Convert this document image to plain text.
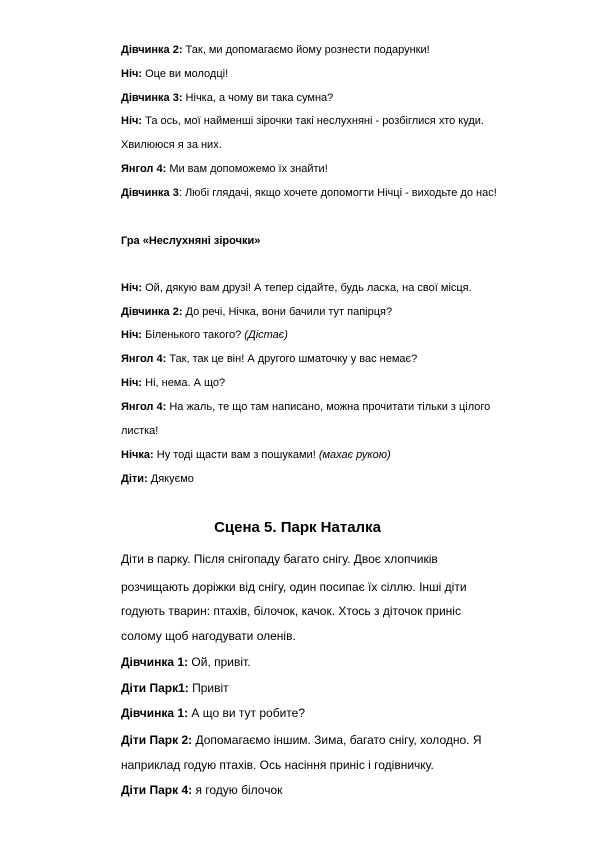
Дівчинка 2: Так, ми допомагаємо йому рознести подарунки!
Ніч: Оце ви молодці!
Дівчинка 3: Нічка, а чому ви така сумна?
Ніч: Та ось, мої найменші зірочки такі неслухняні - розбіглися хто куди.
Хвилююся я за них.
Янгол 4: Ми вам допоможемо їх знайти!
Дівчинка 3: Любі глядачі, якщо хочете допомогти Нічці - виходьте до нас!
Гра «Неслухняні зірочки»
Ніч: Ой, дякую вам друзі! А тепер сідайте, будь ласка, на свої місця.
Дівчинка 2: До речі, Нічка, вони бачили тут папірця?
Ніч: Біленького такого? (Дістає)
Янгол 4: Так, так це він! А другого шматочку у вас немає?
Ніч: Ні, нема. А що?
Янгол 4: На жаль, те що там написано, можна прочитати тільки з цілого
листка!
Нічка: Ну тоді щасти вам з пошуками! (махає рукою)
Діти: Дякуємо
Сцена 5. Парк Наталка
Діти в парку. Після снігопаду багато снігу. Двоє хлопчиків
розчищають доріжки від снігу, один посипає їх сіллю. Інші діти
годують тварин: птахів, білочок, качок. Хтось з діточок приніс
солому щоб нагодувати оленів.
Дівчинка 1: Ой, привіт.
Діти Парк1: Привіт
Дівчинка 1: А що ви тут робите?
Діти Парк 2: Допомагаємо іншим. Зима, багато снігу, холодно. Я
наприклад годую птахів. Ось насіння приніс і годівничку.
Діти Парк 4: я годую білочок
